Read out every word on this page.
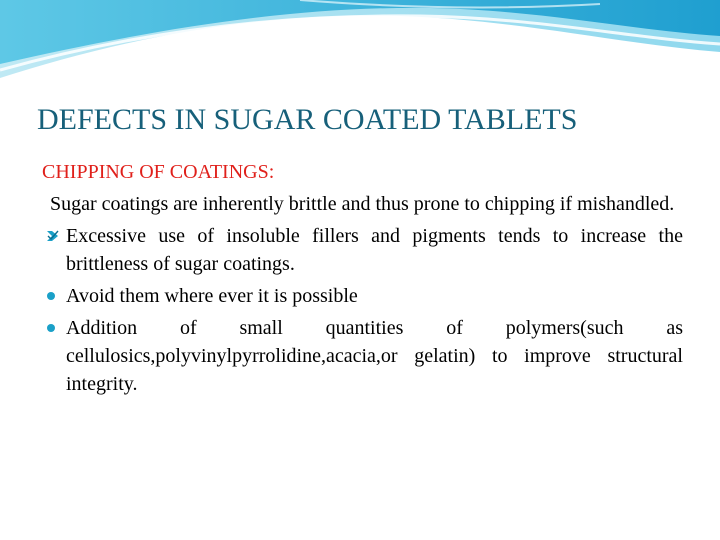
DEFECTS IN SUGAR COATED TABLETS
CHIPPING OF COATINGS:
Sugar coatings are inherently brittle and thus prone to chipping if mishandled.
Excessive use of insoluble fillers and pigments tends to increase the brittleness of sugar coatings.
Avoid them where ever it is possible
Addition of small quantities of polymers(such as cellulosics,polyvinylpyrrolidine,acacia,or gelatin) to improve structural integrity.
